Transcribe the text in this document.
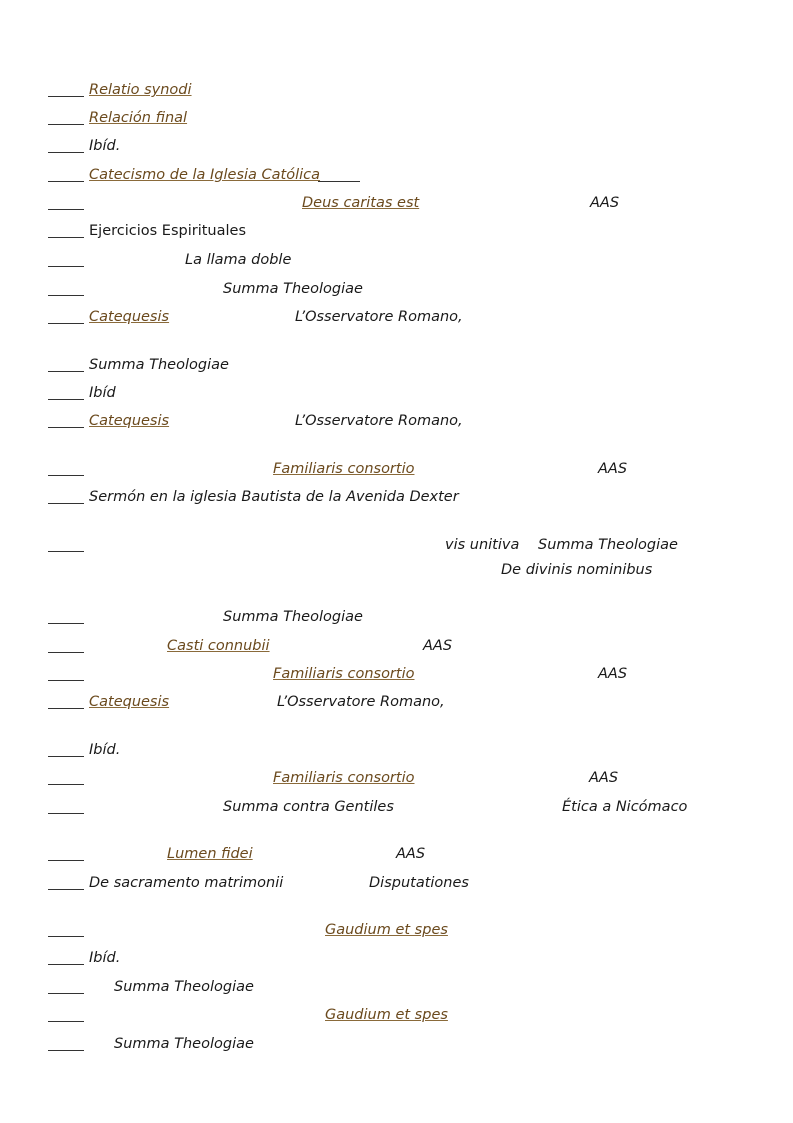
Relatio synodi
Relación final
Ibíd.
Catecismo de la Iglesia Católica
Deus caritas est	AAS
Ejercicios Espirituales
La llama doble
Summa Theologiae
Catequesis	L’Osservatore Romano,
Summa Theologiae
Ibíd
Catequesis	L’Osservatore Romano,
Familiaris consortio	AAS
Sermón en la iglesia Bautista de la Avenida Dexter
vis unitiva Summa Theologiae
De divinis nominibus
Summa Theologiae
Casti connubii	AAS
Familiaris consortio	AAS
Catequesis	L’Osservatore Romano,
Ibíd.
Familiaris consortio	AAS
Summa contra Gentiles	Ética a Nicómaco
Lumen fidei	AAS
De sacramento matrimonii	Disputationes
Gaudium et spes
Ibíd.
Summa Theologiae
Gaudium et spes
Summa Theologiae
